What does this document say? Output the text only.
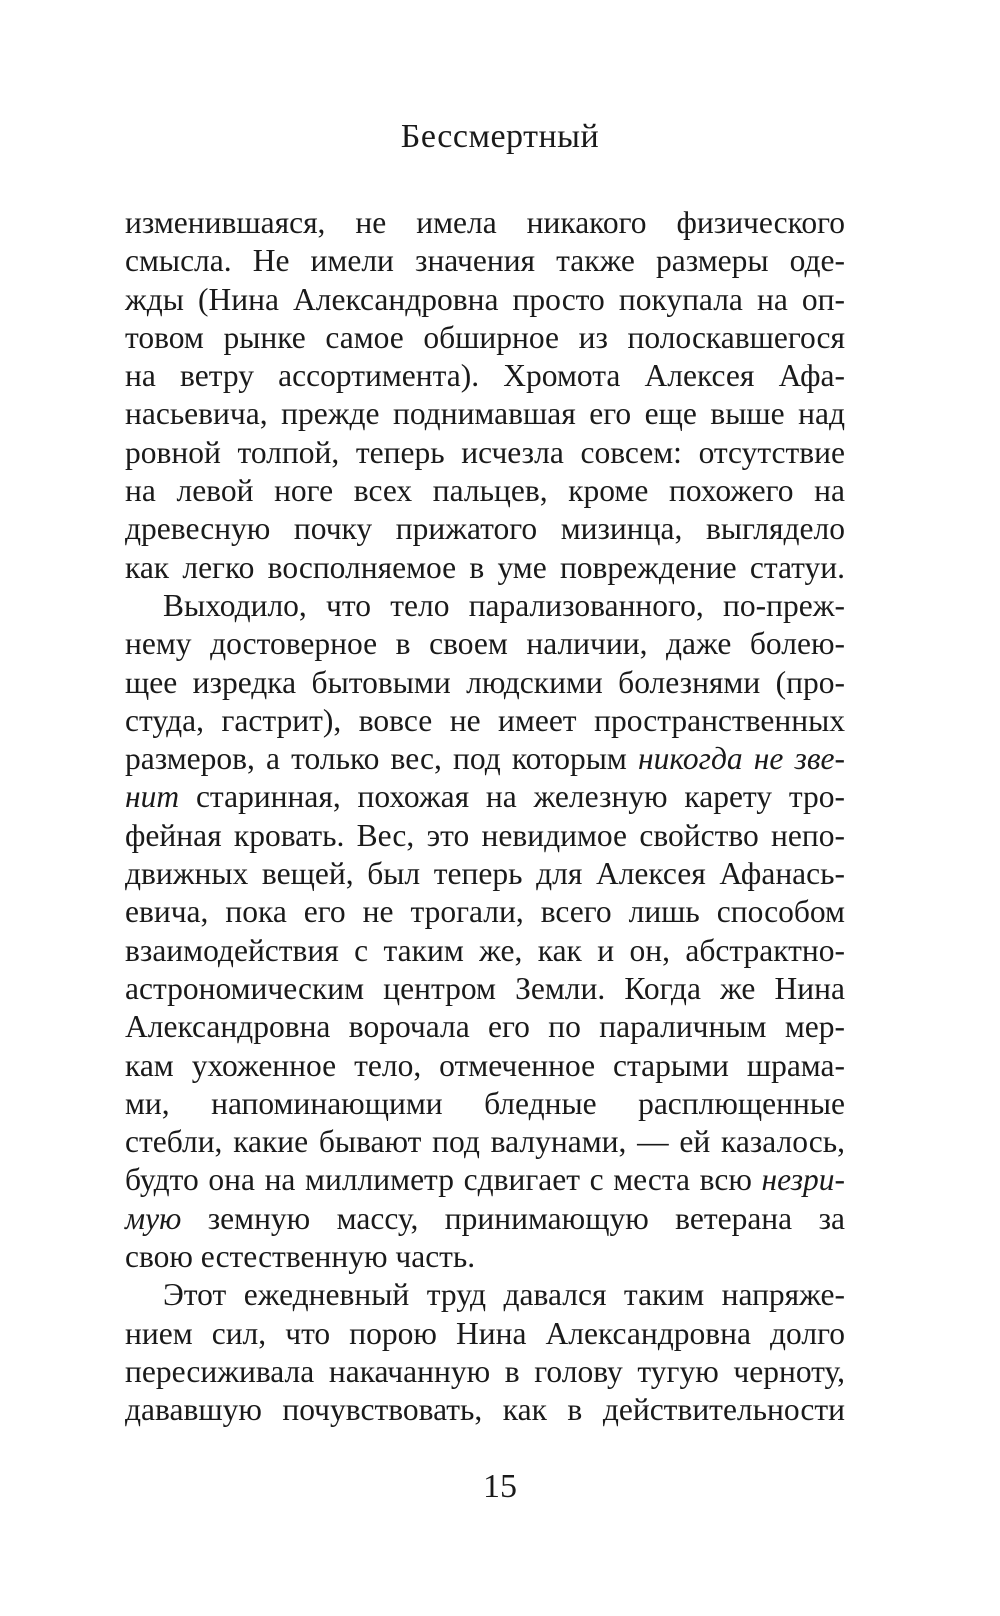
Бессмертный
изменившаяся, не имела никакого физического
смысла. Не имели значения также размеры оде-
жды (Нина Александровна просто покупала на оп-
товом рынке самое обширное из полоскавшегося
на ветру ассортимента). Хромота Алексея Афа-
насьевича, прежде поднимавшая его еще выше над
ровной толпой, теперь исчезла совсем: отсутствие
на левой ноге всех пальцев, кроме похожего на
древесную почку прижатого мизинца, выглядело
как легко восполняемое в уме повреждение статуи.
Выходило, что тело парализованного, по-преж-
нему достоверное в своем наличии, даже болею-
щее изредка бытовыми людскими болезнями (про-
студа, гастрит), вовсе не имеет пространственных
размеров, а только вес, под которым никогда не зве-
нит старинная, похожая на железную карету тро-
фейная кровать. Вес, это невидимое свойство непо-
движных вещей, был теперь для Алексея Афанась-
евича, пока его не трогали, всего лишь способом
взаимодействия с таким же, как и он, абстрактно-
астрономическим центром Земли. Когда же Нина
Александровна ворочала его по параличным мер-
кам ухоженное тело, отмеченное старыми шрама-
ми, напоминающими бледные расплющенные
стебли, какие бывают под валунами, — ей казалось,
будто она на миллиметр сдвигает с места всю незри-
мую земную массу, принимающую ветерана за
свою естественную часть.
Этот ежедневный труд давался таким напряже-
нием сил, что порою Нина Александровна долго
пересиживала накачанную в голову тугую черноту,
дававшую почувствовать, как в действительности
15
